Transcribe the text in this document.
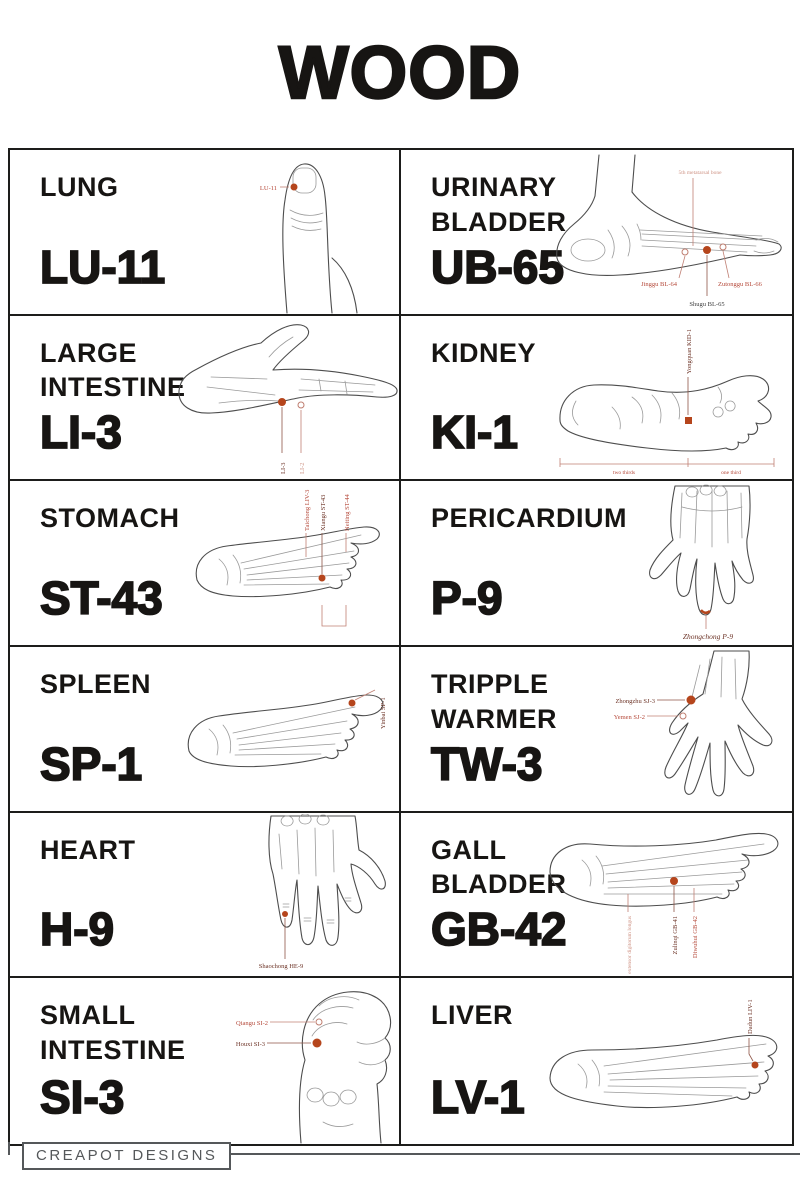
WOOD
LUNG
LU-11
LU-11	URINARY BLADDER
UB-65
5th metatarsal bone
Jinggu BL-64
Shugu BL-65
Zutonggu BL-66
LARGE INTESTINE
LI-3
LI-3 LI-2
KIDNEY
KI-1
Yongquan KID-1
two thirds	one third
STOMACH
ST-43
Taichong LIV-3 Xiangu ST-43	Neiting ST-44	PERICARDIUM
P-9
Zhongchong P-9
SPLEEN
SP-1
Yinbai SP-1
TRIPPLE WARMER
TW-3
Zhongzhu SJ-3
Yemen SJ-2
HEART
H-9
Shaochong HE-9
GALL BLADDER
GB-42	extensor digitorum longus	Zulinqi GB-41 Diwuhui GB-42
SMALL INTESTINE
SI-3
Qiangu SI-2
Houxi SI-3
LIVER
LV-1
Dadun LIV-1
CREAPOT DESIGNS
